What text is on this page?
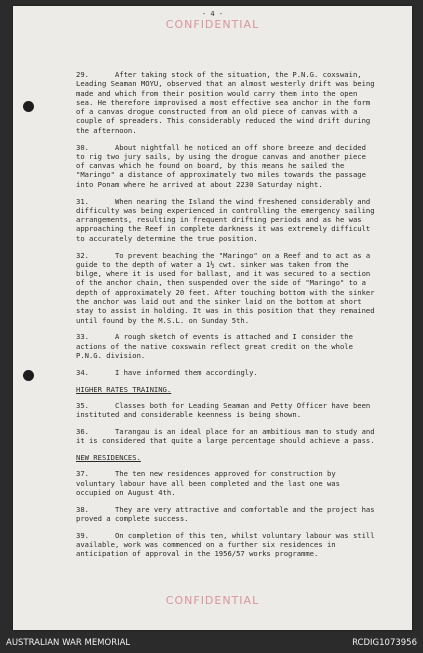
- 4 -
CONFIDENTIAL
29.	After taking stock of the situation, the P.N.G. coxswain, Leading Seaman MOYU, observed that an almost westerly drift was being made and which from their position would carry them into the open sea. He therefore improvised a most effective sea anchor in the form of a canvas drogue constructed from an old piece of canvas with a couple of spreaders. This considerably reduced the wind drift during the afternoon.
30.	About nightfall he noticed an off shore breeze and decided to rig two jury sails, by using the drogue canvas and another piece of canvas which he found on board, by this means he sailed the "Maringo" a distance of approximately two miles towards the passage into Ponam where he arrived at about 2230 Saturday night.
31.	When nearing the Island the wind freshened considerably and difficulty was being experienced in controlling the emergency sailing arrangements, resulting in frequent drifting periods and as he was approaching the Reef in complete darkness it was extremely difficult to accurately determine the true position.
32.	To prevent beaching the "Maringo" on a Reef and to act as a guide to the depth of water a 1½ cwt. sinker was taken from the bilge, where it is used for ballast, and it was secured to a section of the anchor chain, then suspended over the side of "Maringo" to a depth of approximately 20 feet. After touching bottom with the sinker the anchor was laid out and the sinker laid on the bottom at short stay to assist in holding. It was in this position that they remained until found by the M.S.L. on Sunday 5th.
33.	A rough sketch of events is attached and I consider the actions of the native coxswain reflect great credit on the whole P.N.G. division.
34.	I have informed them accordingly.
HIGHER RATES TRAINING.
35.	Classes both for Leading Seaman and Petty Officer have been instituted and considerable keenness is being shown.
36.	Tarangau is an ideal place for an ambitious man to study and it is considered that quite a large percentage should achieve a pass.
NEW RESIDENCES.
37.	The ten new residences approved for construction by voluntary labour have all been completed and the last one was occupied on August 4th.
38.	They are very attractive and comfortable and the project has proved a complete success.
39.	On completion of this ten, whilst voluntary labour was still available, work was commenced on a further six residences in anticipation of approval in the 1956/57 works programme.
CONFIDENTIAL
AUSTRALIAN WAR MEMORIAL	RCDIG1073956
